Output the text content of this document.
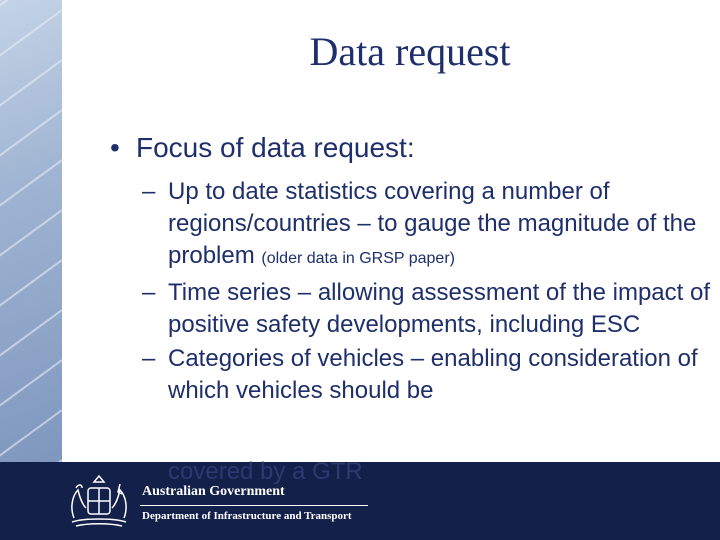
Data request
• Focus of data request:
– Up to date statistics covering a number of regions/countries – to gauge the magnitude of the problem (older data in GRSP paper)
– Time series – allowing assessment of the impact of positive safety developments, including ESC
– Categories of vehicles – enabling consideration of which vehicles should be
covered by a GTR
Australian Government
Department of Infrastructure and Transport
